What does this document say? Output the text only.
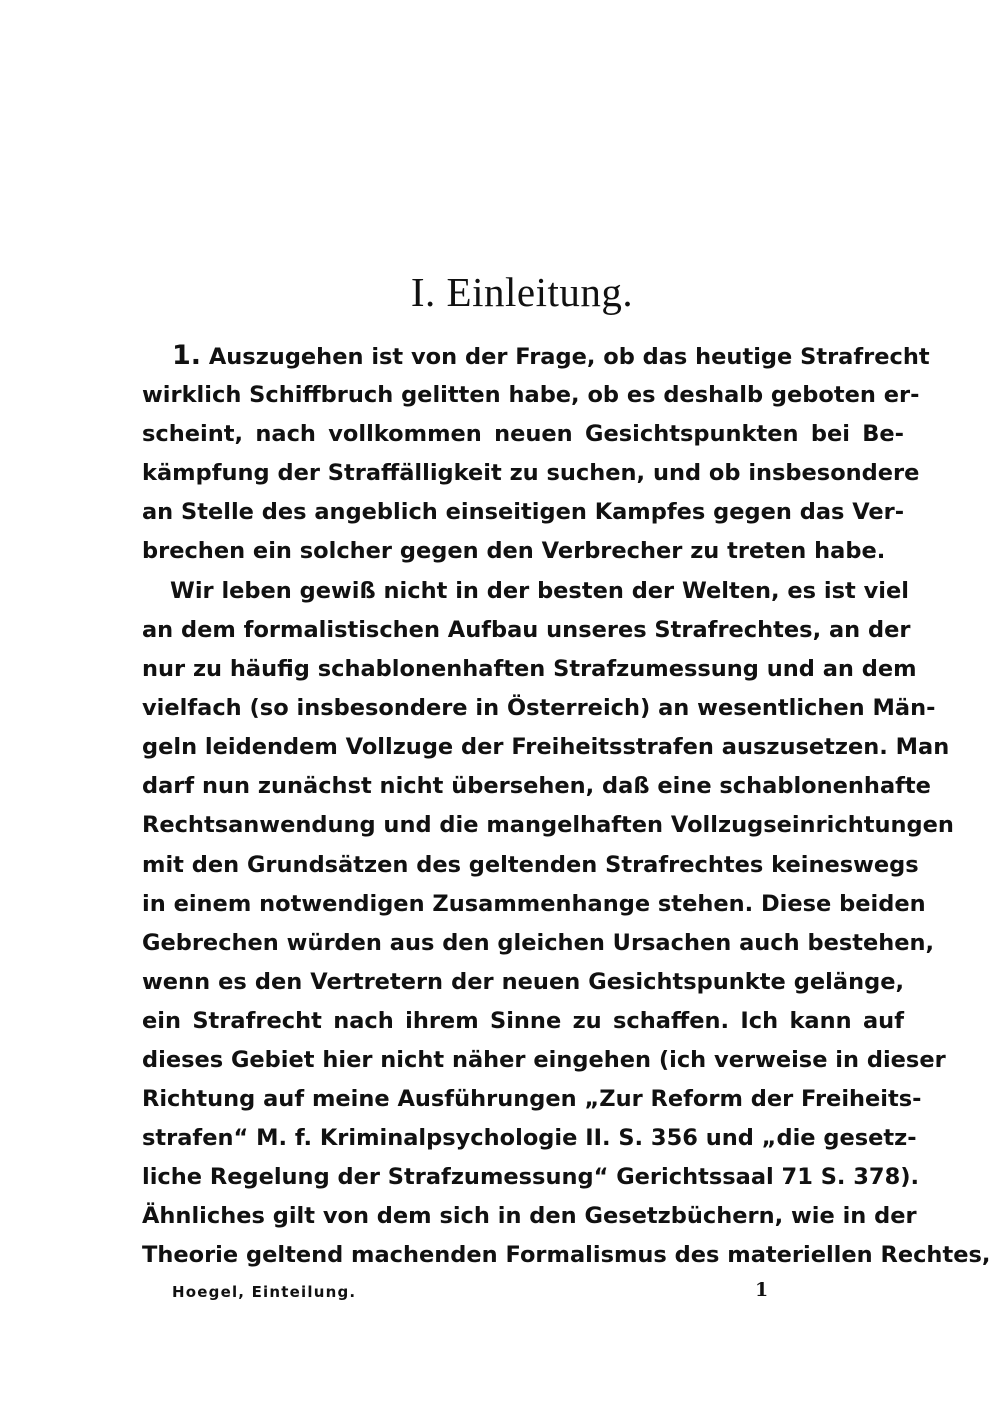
I. Einleitung.
1. Auszugehen ist von der Frage, ob das heutige Strafrecht
wirklich Schiffbruch gelitten habe, ob es deshalb geboten er-
scheint, nach vollkommen neuen Gesichtspunkten bei Be-
kämpfung der Straffälligkeit zu suchen, und ob insbesondere
an Stelle des angeblich einseitigen Kampfes gegen das Ver-
brechen ein solcher gegen den Verbrecher zu treten habe.
Wir leben gewiß nicht in der besten der Welten, es ist viel
an dem formalistischen Aufbau unseres Strafrechtes, an der
nur zu häufig schablonenhaften Strafzumessung und an dem
vielfach (so insbesondere in Österreich) an wesentlichen Män-
geln leidendem Vollzuge der Freiheitsstrafen auszusetzen. Man
darf nun zunächst nicht übersehen, daß eine schablonenhafte
Rechtsanwendung und die mangelhaften Vollzugseinrichtungen
mit den Grundsätzen des geltenden Strafrechtes keineswegs
in einem notwendigen Zusammenhange stehen. Diese beiden
Gebrechen würden aus den gleichen Ursachen auch bestehen,
wenn es den Vertretern der neuen Gesichtspunkte gelänge,
ein Strafrecht nach ihrem Sinne zu schaffen. Ich kann auf
dieses Gebiet hier nicht näher eingehen (ich verweise in dieser
Richtung auf meine Ausführungen „Zur Reform der Freiheits-
strafen“ M. f. Kriminalpsychologie II. S. 356 und „die gesetz-
liche Regelung der Strafzumessung“ Gerichtssaal 71 S. 378).
Ähnliches gilt von dem sich in den Gesetzbüchern, wie in der
Theorie geltend machenden Formalismus des materiellen Rechtes,
Hoegel, Einteilung.	1
